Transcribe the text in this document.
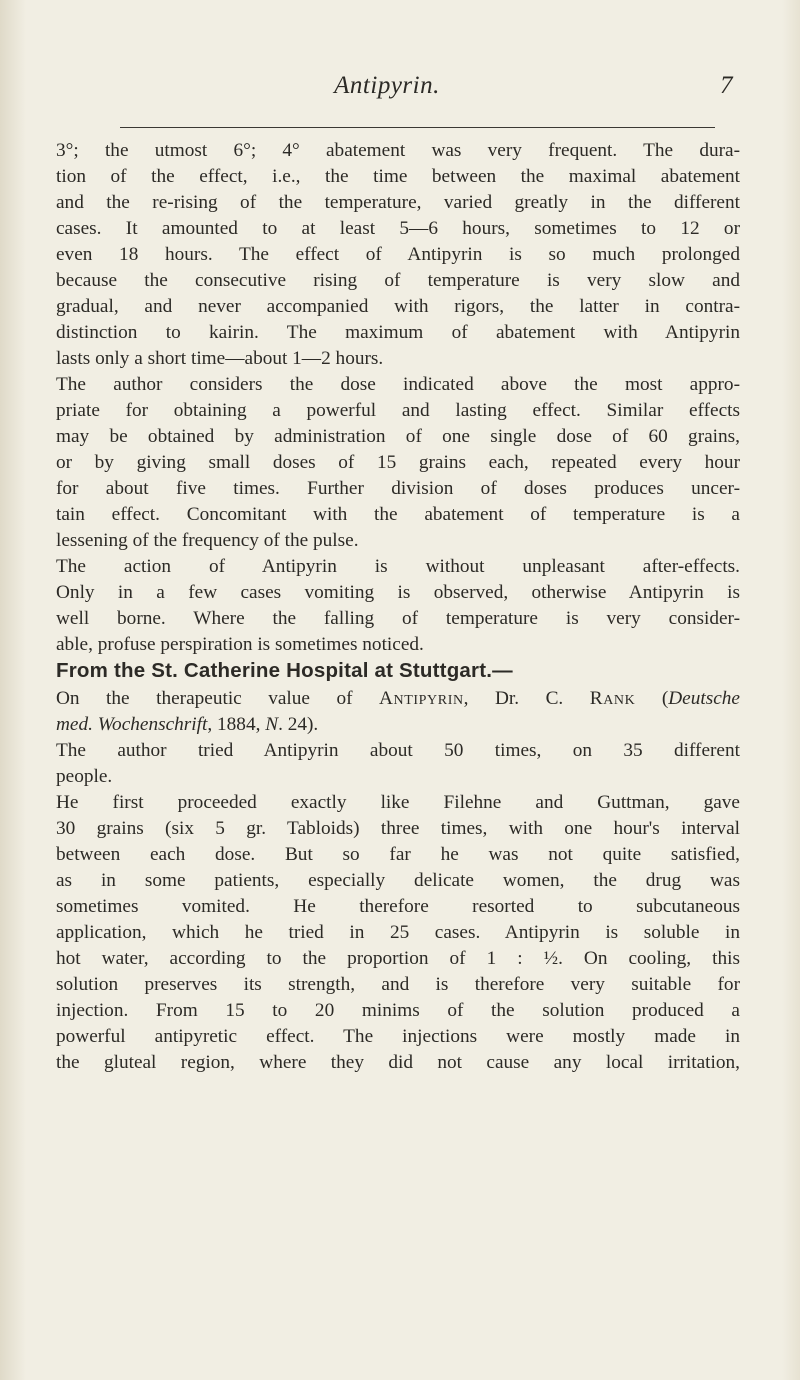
Antipyrin.	7
3°; the utmost 6°; 4° abatement was very frequent. The dura-
tion of the effect, i.e., the time between the maximal abatement
and the re-rising of the temperature, varied greatly in the different
cases. It amounted to at least 5—6 hours, sometimes to 12 or
even 18 hours. The effect of Antipyrin is so much prolonged
because the consecutive rising of temperature is very slow and
gradual, and never accompanied with rigors, the latter in contra-
distinction to kairin. The maximum of abatement with Antipyrin
lasts only a short time—about 1—2 hours.
The author considers the dose indicated above the most appro-
priate for obtaining a powerful and lasting effect. Similar effects
may be obtained by administration of one single dose of 60 grains,
or by giving small doses of 15 grains each, repeated every hour
for about five times. Further division of doses produces uncer-
tain effect. Concomitant with the abatement of temperature is a
lessening of the frequency of the pulse.
The action of Antipyrin is without unpleasant after-effects.
Only in a few cases vomiting is observed, otherwise Antipyrin is
well borne. Where the falling of temperature is very consider-
able, profuse perspiration is sometimes noticed.
From the St. Catherine Hospital at Stuttgart.—
On the therapeutic value of Antipyrin, Dr. C. Rank (Deutsche
med. Wochenschrift, 1884, N. 24).
The author tried Antipyrin about 50 times, on 35 different
people.
He first proceeded exactly like Filehne and Guttman, gave
30 grains (six 5 gr. Tabloids) three times, with one hour's interval
between each dose. But so far he was not quite satisfied,
as in some patients, especially delicate women, the drug was
sometimes vomited. He therefore resorted to subcutaneous
application, which he tried in 25 cases. Antipyrin is soluble in
hot water, according to the proportion of 1 : ½. On cooling, this
solution preserves its strength, and is therefore very suitable for
injection. From 15 to 20 minims of the solution produced a
powerful antipyretic effect. The injections were mostly made in
the gluteal region, where they did not cause any local irritation,
